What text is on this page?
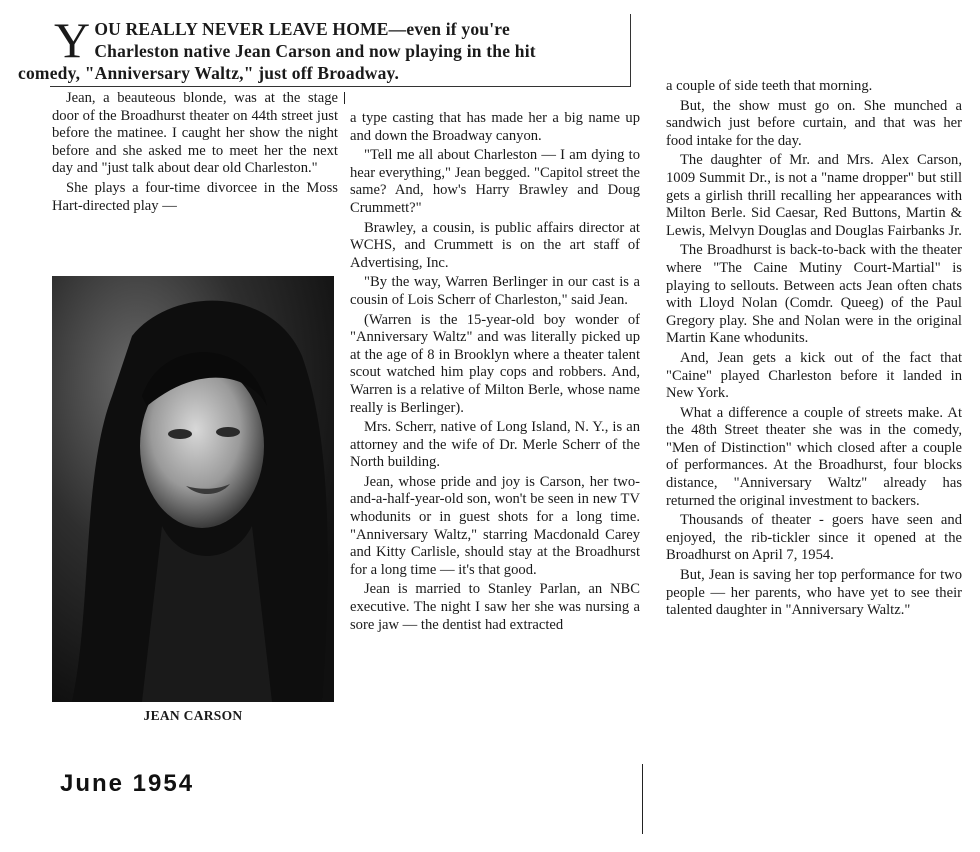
Y OU REALLY NEVER LEAVE HOME—even if you're
Charleston native Jean Carson and now playing in the hit
comedy, "Anniversary Waltz," just off Broadway.

Jean, a beauteous blonde, was at the stage door of the Broadhurst theater on 44th street just before the matinee. I caught her show the night before and she asked me to meet her the next day and "just talk about dear old Charleston."

She plays a four-time divorcee in the Moss Hart-directed play —

JEAN CARSON

a type casting that has made her a big name up and down the Broadway canyon.

"Tell me all about Charleston — I am dying to hear everything," Jean begged. "Capitol street the same? And, how's Harry Brawley and Doug Crummett?"

Brawley, a cousin, is public affairs director at WCHS, and Crummett is on the art staff of Advertising, Inc.

"By the way, Warren Berlinger in our cast is a cousin of Lois Scherr of Charleston," said Jean.

(Warren is the 15-year-old boy wonder of "Anniversary Waltz" and was literally picked up at the age of 8 in Brooklyn where a theater talent scout watched him play cops and robbers. And, Warren is a relative of Milton Berle, whose name really is Berlinger).

Mrs. Scherr, native of Long Island, N. Y., is an attorney and the wife of Dr. Merle Scherr of the North building.

Jean, whose pride and joy is Carson, her two-and-a-half-year-old son, won't be seen in new TV whodunits or in guest shots for a long time. "Anniversary Waltz," starring Macdonald Carey and Kitty Carlisle, should stay at the Broadhurst for a long time — it's that good.

Jean is married to Stanley Parlan, an NBC executive. The night I saw her she was nursing a sore jaw — the dentist had extracted

a couple of side teeth that morning.

But, the show must go on. She munched a sandwich just before curtain, and that was her food intake for the day.

The daughter of Mr. and Mrs. Alex Carson, 1009 Summit Dr., is not a "name dropper" but still gets a girlish thrill recalling her appearances with Milton Berle. Sid Caesar, Red Buttons, Martin & Lewis, Melvyn Douglas and Douglas Fairbanks Jr.

The Broadhurst is back-to-back with the theater where "The Caine Mutiny Court-Martial" is playing to sellouts. Between acts Jean often chats with Lloyd Nolan (Comdr. Queeg) of the Paul Gregory play. She and Nolan were in the original Martin Kane whodunits.

And, Jean gets a kick out of the fact that "Caine" played Charleston before it landed in New York.

What a difference a couple of streets make. At the 48th Street theater she was in the comedy, "Men of Distinction" which closed after a couple of performances. At the Broadhurst, four blocks distance, "Anniversary Waltz" already has returned the original investment to backers.

Thousands of theater - goers have seen and enjoyed, the rib-tickler since it opened at the Broadhurst on April 7, 1954.

But, Jean is saving her top performance for two people — her parents, who have yet to see their talented daughter in "Anniversary Waltz."

June 1954
